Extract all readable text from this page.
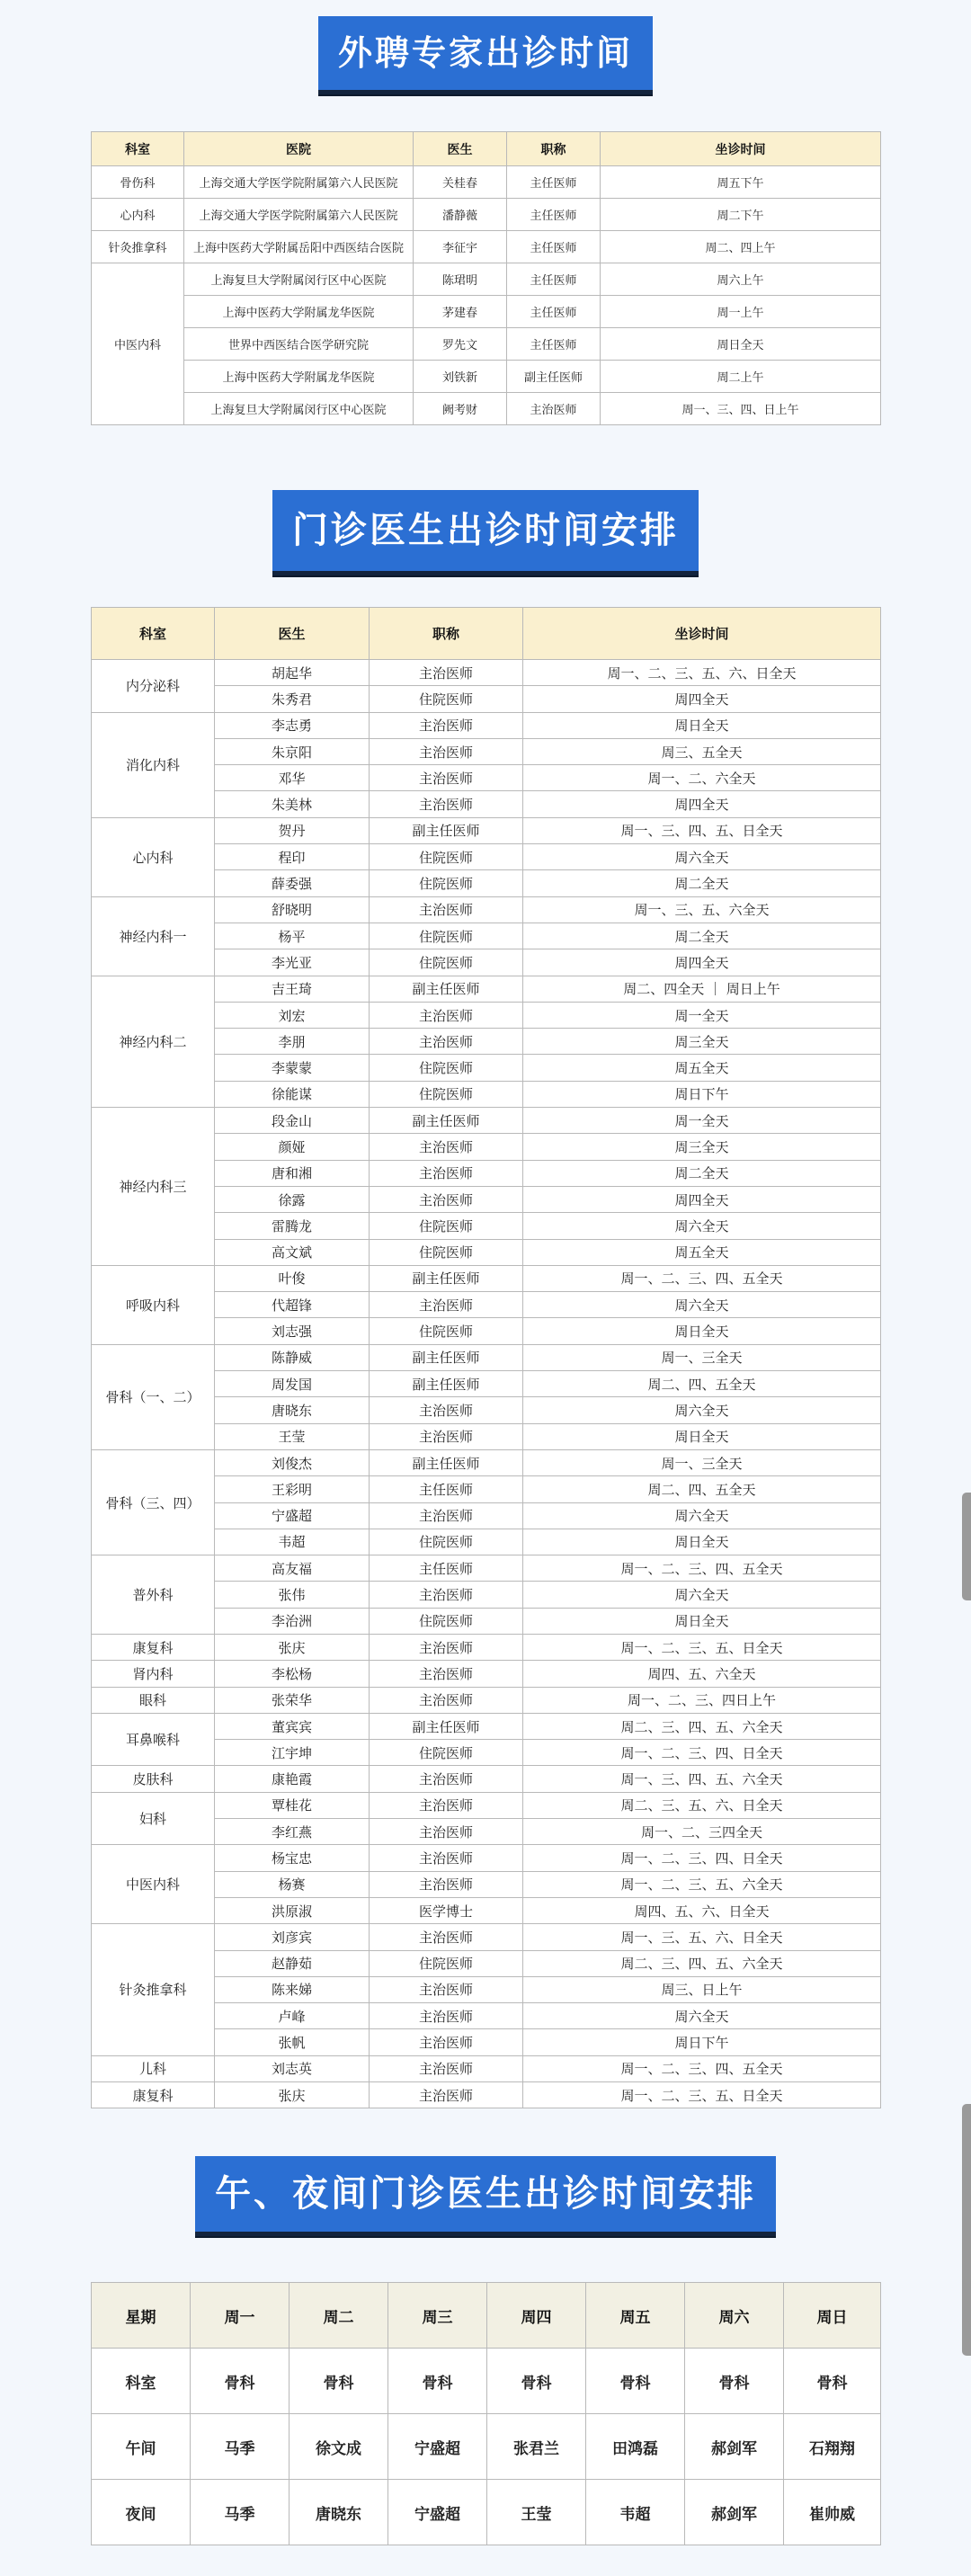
外聘专家出诊时间
科室	医院	医生	职称	坐诊时间
骨伤科	上海交通大学医学院附属第六人民医院	关桂春	主任医师	周五下午
心内科	上海交通大学医学院附属第六人民医院	潘静薇	主任医师	周二下午
针灸推拿科	上海中医药大学附属岳阳中西医结合医院	李征宇	主任医师	周二、四上午
中医内科	上海复旦大学附属闵行区中心医院	陈珺明	主任医师	周六上午
	上海中医药大学附属龙华医院	茅建春	主任医师	周一上午
	世界中西医结合医学研究院	罗先文	主任医师	周日全天
	上海中医药大学附属龙华医院	刘铁新	副主任医师	周二上午
	上海复旦大学附属闵行区中心医院	阙考财	主治医师	周一、三、四、日上午
门诊医生出诊时间安排
科室	医生	职称	坐诊时间
内分泌科	胡起华	主治医师	周一、二、三、五、六、日全天
	朱秀君	住院医师	周四全天
消化内科	李志勇	主治医师	周日全天
	朱京阳	主治医师	周三、五全天
	邓华	主治医师	周一、二、六全天
	朱美林	主治医师	周四全天
心内科	贺丹	副主任医师	周一、三、四、五、日全天
	程印	住院医师	周六全天
	薛委强	住院医师	周二全天
神经内科一	舒晓明	主治医师	周一、三、五、六全天
	杨平	住院医师	周二全天
	李光亚	住院医师	周四全天
神经内科二	吉王琦	副主任医师	周二、四全天 ｜ 周日上午
	刘宏	主治医师	周一全天
	李朋	主治医师	周三全天
	李蒙蒙	住院医师	周五全天
	徐能谋	住院医师	周日下午
神经内科三	段金山	副主任医师	周一全天
	颜娅	主治医师	周三全天
	唐和湘	主治医师	周二全天
	徐露	主治医师	周四全天
	雷腾龙	住院医师	周六全天
	高文斌	住院医师	周五全天
呼吸内科	叶俊	副主任医师	周一、二、三、四、五全天
	代超锋	主治医师	周六全天
	刘志强	住院医师	周日全天
骨科（一、二）	陈静威	副主任医师	周一、三全天
	周发国	副主任医师	周二、四、五全天
	唐晓东	主治医师	周六全天
	王莹	主治医师	周日全天
骨科（三、四）	刘俊杰	副主任医师	周一、三全天
	王彩明	主任医师	周二、四、五全天
	宁盛超	主治医师	周六全天
	韦超	住院医师	周日全天
普外科	高友福	主任医师	周一、二、三、四、五全天
	张伟	主治医师	周六全天
	李治洲	住院医师	周日全天
康复科	张庆	主治医师	周一、二、三、五、日全天
肾内科	李松杨	主治医师	周四、五、六全天
眼科	张荣华	主治医师	周一、二、三、四日上午
耳鼻喉科	董宾宾	副主任医师	周二、三、四、五、六全天
	江宇坤	住院医师	周一、二、三、四、日全天
皮肤科	康艳霞	主治医师	周一、三、四、五、六全天
妇科	覃桂花	主治医师	周二、三、五、六、日全天
	李红燕	主治医师	周一、二、三四全天
中医内科	杨宝忠	主治医师	周一、二、三、四、日全天
	杨赛	主治医师	周一、二、三、五、六全天
	洪原淑	医学博士	周四、五、六、日全天
针灸推拿科	刘彦宾	主治医师	周一、三、五、六、日全天
	赵静茹	住院医师	周二、三、四、五、六全天
	陈来娣	主治医师	周三、日上午
	卢峰	主治医师	周六全天
	张帆	主治医师	周日下午
儿科	刘志英	主治医师	周一、二、三、四、五全天
康复科	张庆	主治医师	周一、二、三、五、日全天
午、夜间门诊医生出诊时间安排
星期	周一	周二	周三	周四	周五	周六	周日
科室	骨科	骨科	骨科	骨科	骨科	骨科	骨科
午间	马季	徐文成	宁盛超	张君兰	田鸿磊	郝剑军	石翔翔
夜间	马季	唐晓东	宁盛超	王莹	韦超	郝剑军	崔帅威
